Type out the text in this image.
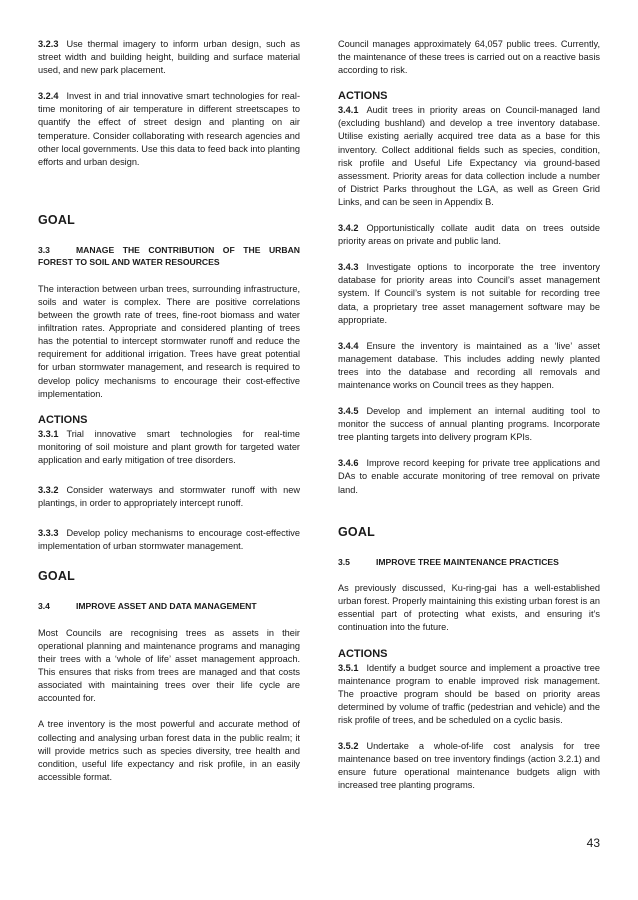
3.2.3 Use thermal imagery to inform urban design, such as street width and building height, building and surface material used, and new park placement.

3.2.4 Invest in and trial innovative smart technologies for real-time monitoring of air temperature in different streetscapes to quantify the effect of street design and planting on air temperature. Consider collaborating with research agencies and other local governments. Use this data to feed back into planting efforts and urban design.

GOAL
3.3	MANAGE THE CONTRIBUTION OF THE URBAN FOREST TO SOIL AND WATER RESOURCES

The interaction between urban trees, surrounding infrastructure, soils and water is complex. There are positive correlations between the growth rate of trees, fine-root biomass and water infiltration rates. Appropriate and considered planting of trees has the potential to intercept stormwater runoff and reduce the requirement for additional irrigation. Trees have great potential for urban stormwater management, and research is required to develop policy mechanisms to encourage their cost-effective implementation.

ACTIONS

3.3.1 Trial innovative smart technologies for real-time monitoring of soil moisture and plant growth for targeted water application and early mitigation of tree disorders.

3.3.2 Consider waterways and stormwater runoff with new plantings, in order to appropriately intercept runoff.

3.3.3 Develop policy mechanisms to encourage cost-effective implementation of urban stormwater management.

GOAL
3.4	IMPROVE ASSET AND DATA MANAGEMENT

Most Councils are recognising trees as assets in their operational planning and maintenance programs and managing their trees with a ‘whole of life’ asset management approach. This ensures that risks from trees are managed and that costs associated with maintaining trees over their life cycle are accounted for.

A tree inventory is the most powerful and accurate method of collecting and analysing urban forest data in the public realm; it will provide metrics such as species diversity, tree health and condition, useful life expectancy and risk profile, in an easily accessible format.

Council manages approximately 64,057 public trees. Currently, the maintenance of these trees is carried out on a reactive basis according to risk.

ACTIONS

3.4.1 Audit trees in priority areas on Council-managed land (excluding bushland) and develop a tree inventory database. Utilise existing aerially acquired tree data as a base for this inventory. Collect additional fields such as species, condition, risk profile and Useful Life Expectancy via ground-based assessment. Priority areas for data collection include a number of District Parks throughout the LGA, as well as Green Grid Links, and can be seen in Appendix B.

3.4.2 Opportunistically collate audit data on trees outside priority areas on private and public land.

3.4.3 Investigate options to incorporate the tree inventory database for priority areas into Council’s asset management system. If Council’s system is not suitable for recording tree data, a proprietary tree asset management software may be appropriate.

3.4.4 Ensure the inventory is maintained as a ‘live’ asset management database. This includes adding newly planted trees into the database and recording all removals and maintenance works on Council trees as they happen.

3.4.5 Develop and implement an internal auditing tool to monitor the success of annual planting programs. Incorporate tree planting targets into delivery program KPIs.

3.4.6 Improve record keeping for private tree applications and DAs to enable accurate monitoring of tree removal on private land.

GOAL
3.5	IMPROVE TREE MAINTENANCE PRACTICES

As previously discussed, Ku-ring-gai has a well-established urban forest. Properly maintaining this existing urban forest is an essential part of protecting what exists, and ensuring it’s continuation into the future.

ACTIONS

3.5.1 Identify a budget source and implement a proactive tree maintenance program to enable improved risk management. The proactive program should be based on priority areas determined by volume of traffic (pedestrian and vehicle) and the risk profile of trees, and be scheduled on a cyclic basis.

3.5.2 Undertake a whole-of-life cost analysis for tree maintenance based on tree inventory findings (action 3.2.1) and ensure future operational maintenance budgets align with increased tree planting programs.

43
